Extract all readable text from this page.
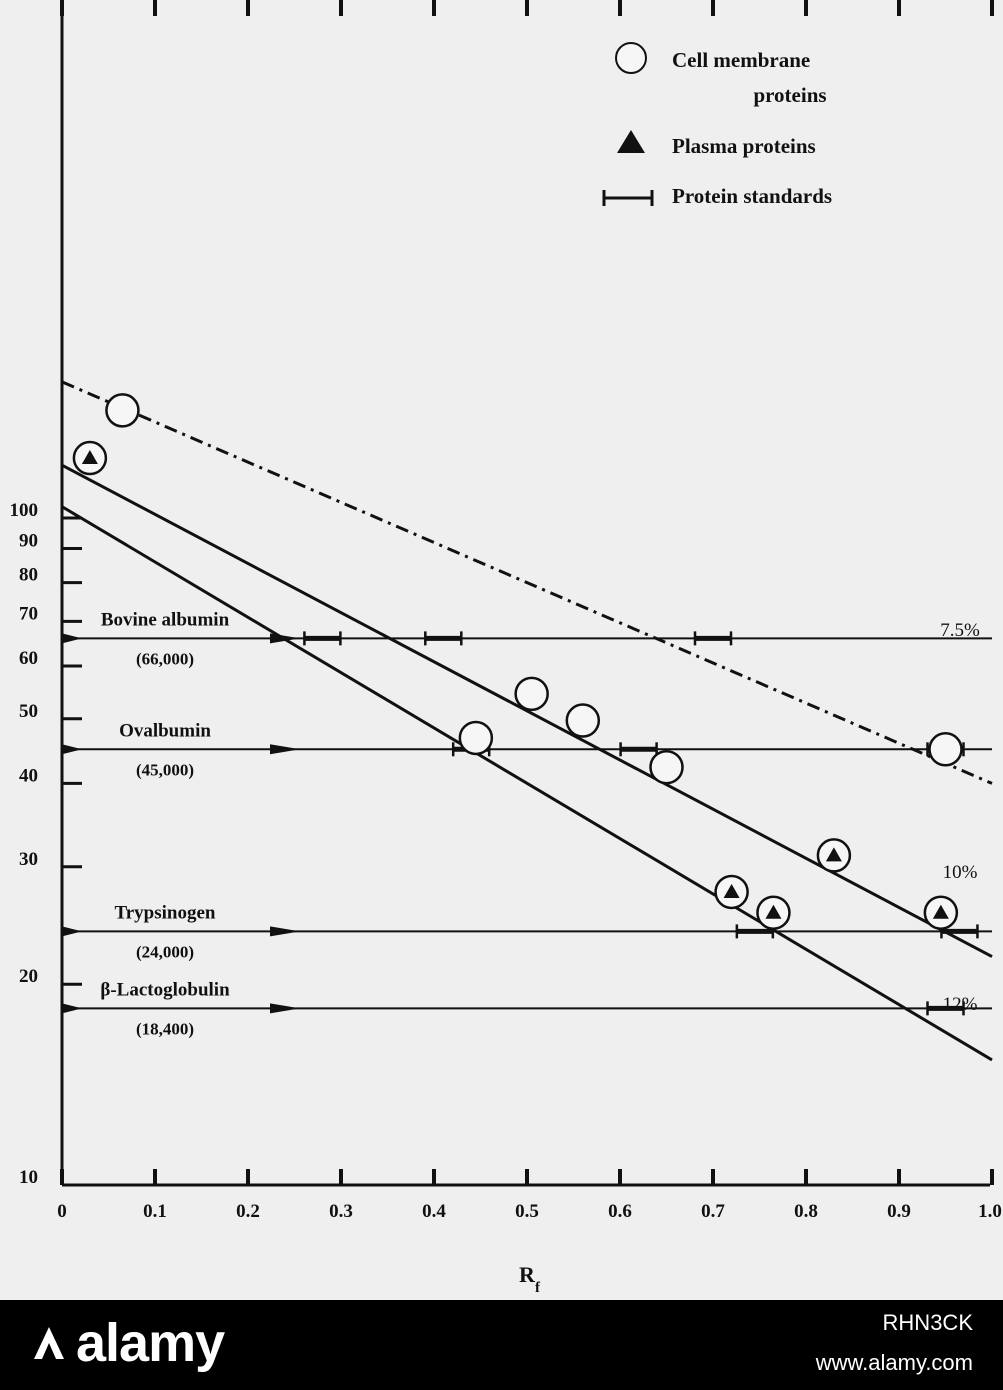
0	0.1	0.2	0.3	0.4	0.5	0.6	0.7	0.8	0.9	1.0
R
f
10
20
30
40
50
60
70
80
90
100
Bovine albumin
(66,000)
Ovalbumin
(45,000)
Trypsinogen
(24,000)
β-Lactoglobulin
(18,400)
7.5%
10%
12%
Cell membrane
proteins
Plasma proteins
Protein standards
alamy	RHN3CK
www.alamy.com
